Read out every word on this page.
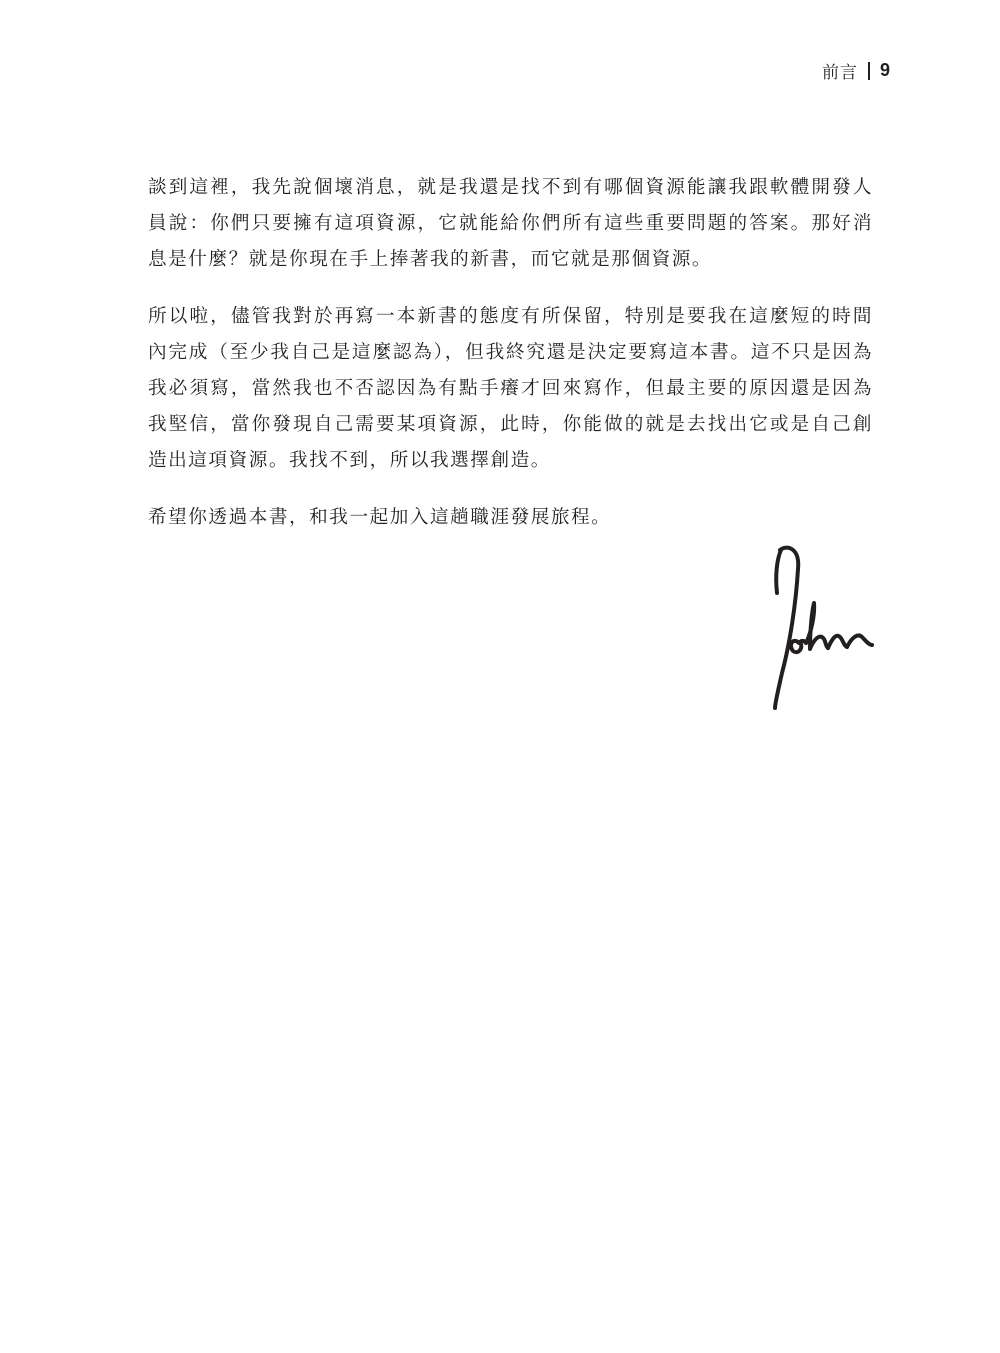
前言 9

談到這裡，我先說個壞消息，就是我還是找不到有哪個資源能讓我跟軟體開發人員說：你們只要擁有這項資源，它就能給你們所有這些重要問題的答案。那好消息是什麼？就是你現在手上捧著我的新書，而它就是那個資源。

所以啦，儘管我對於再寫一本新書的態度有所保留，特別是要我在這麼短的時間內完成（至少我自己是這麼認為），但我終究還是決定要寫這本書。這不只是因為我必須寫，當然我也不否認因為有點手癢才回來寫作，但最主要的原因還是因為我堅信，當你發現自己需要某項資源，此時，你能做的就是去找出它或是自己創造出這項資源。我找不到，所以我選擇創造。

希望你透過本書，和我一起加入這趟職涯發展旅程。
